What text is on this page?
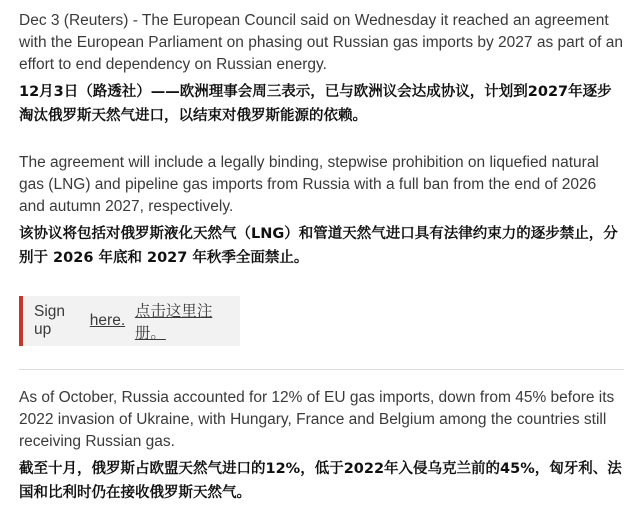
Dec 3 (Reuters) - The European Council said on Wednesday it reached an agreement with the European Parliament on phasing out Russian gas imports by 2027 as part of an effort to end dependency on Russian energy.

12月3日（路透社）——欧洲理事会周三表示，已与欧洲议会达成协议，计划到2027年逐步淘汰俄罗斯天然气进口，以结束对俄罗斯能源的依赖。

The agreement will include a legally binding, stepwise prohibition on liquefied natural gas (LNG) and pipeline gas imports from Russia with a full ban from the end of 2026 and autumn 2027, respectively.

该协议将包括对俄罗斯液化天然气（LNG）和管道天然气进口具有法律约束力的逐步禁止，分别于 2026 年底和 2027 年秋季全面禁止。

Sign up
here.
点击这里注册。

As of October, Russia accounted for 12% of EU gas imports, down from 45% before its 2022 invasion of Ukraine, with Hungary, France and Belgium among the countries still receiving Russian gas.

截至十月，俄罗斯占欧盟天然气进口的12%，低于2022年入侵乌克兰前的45%，匈牙利、法国和比利时仍在接收俄罗斯天然气。
